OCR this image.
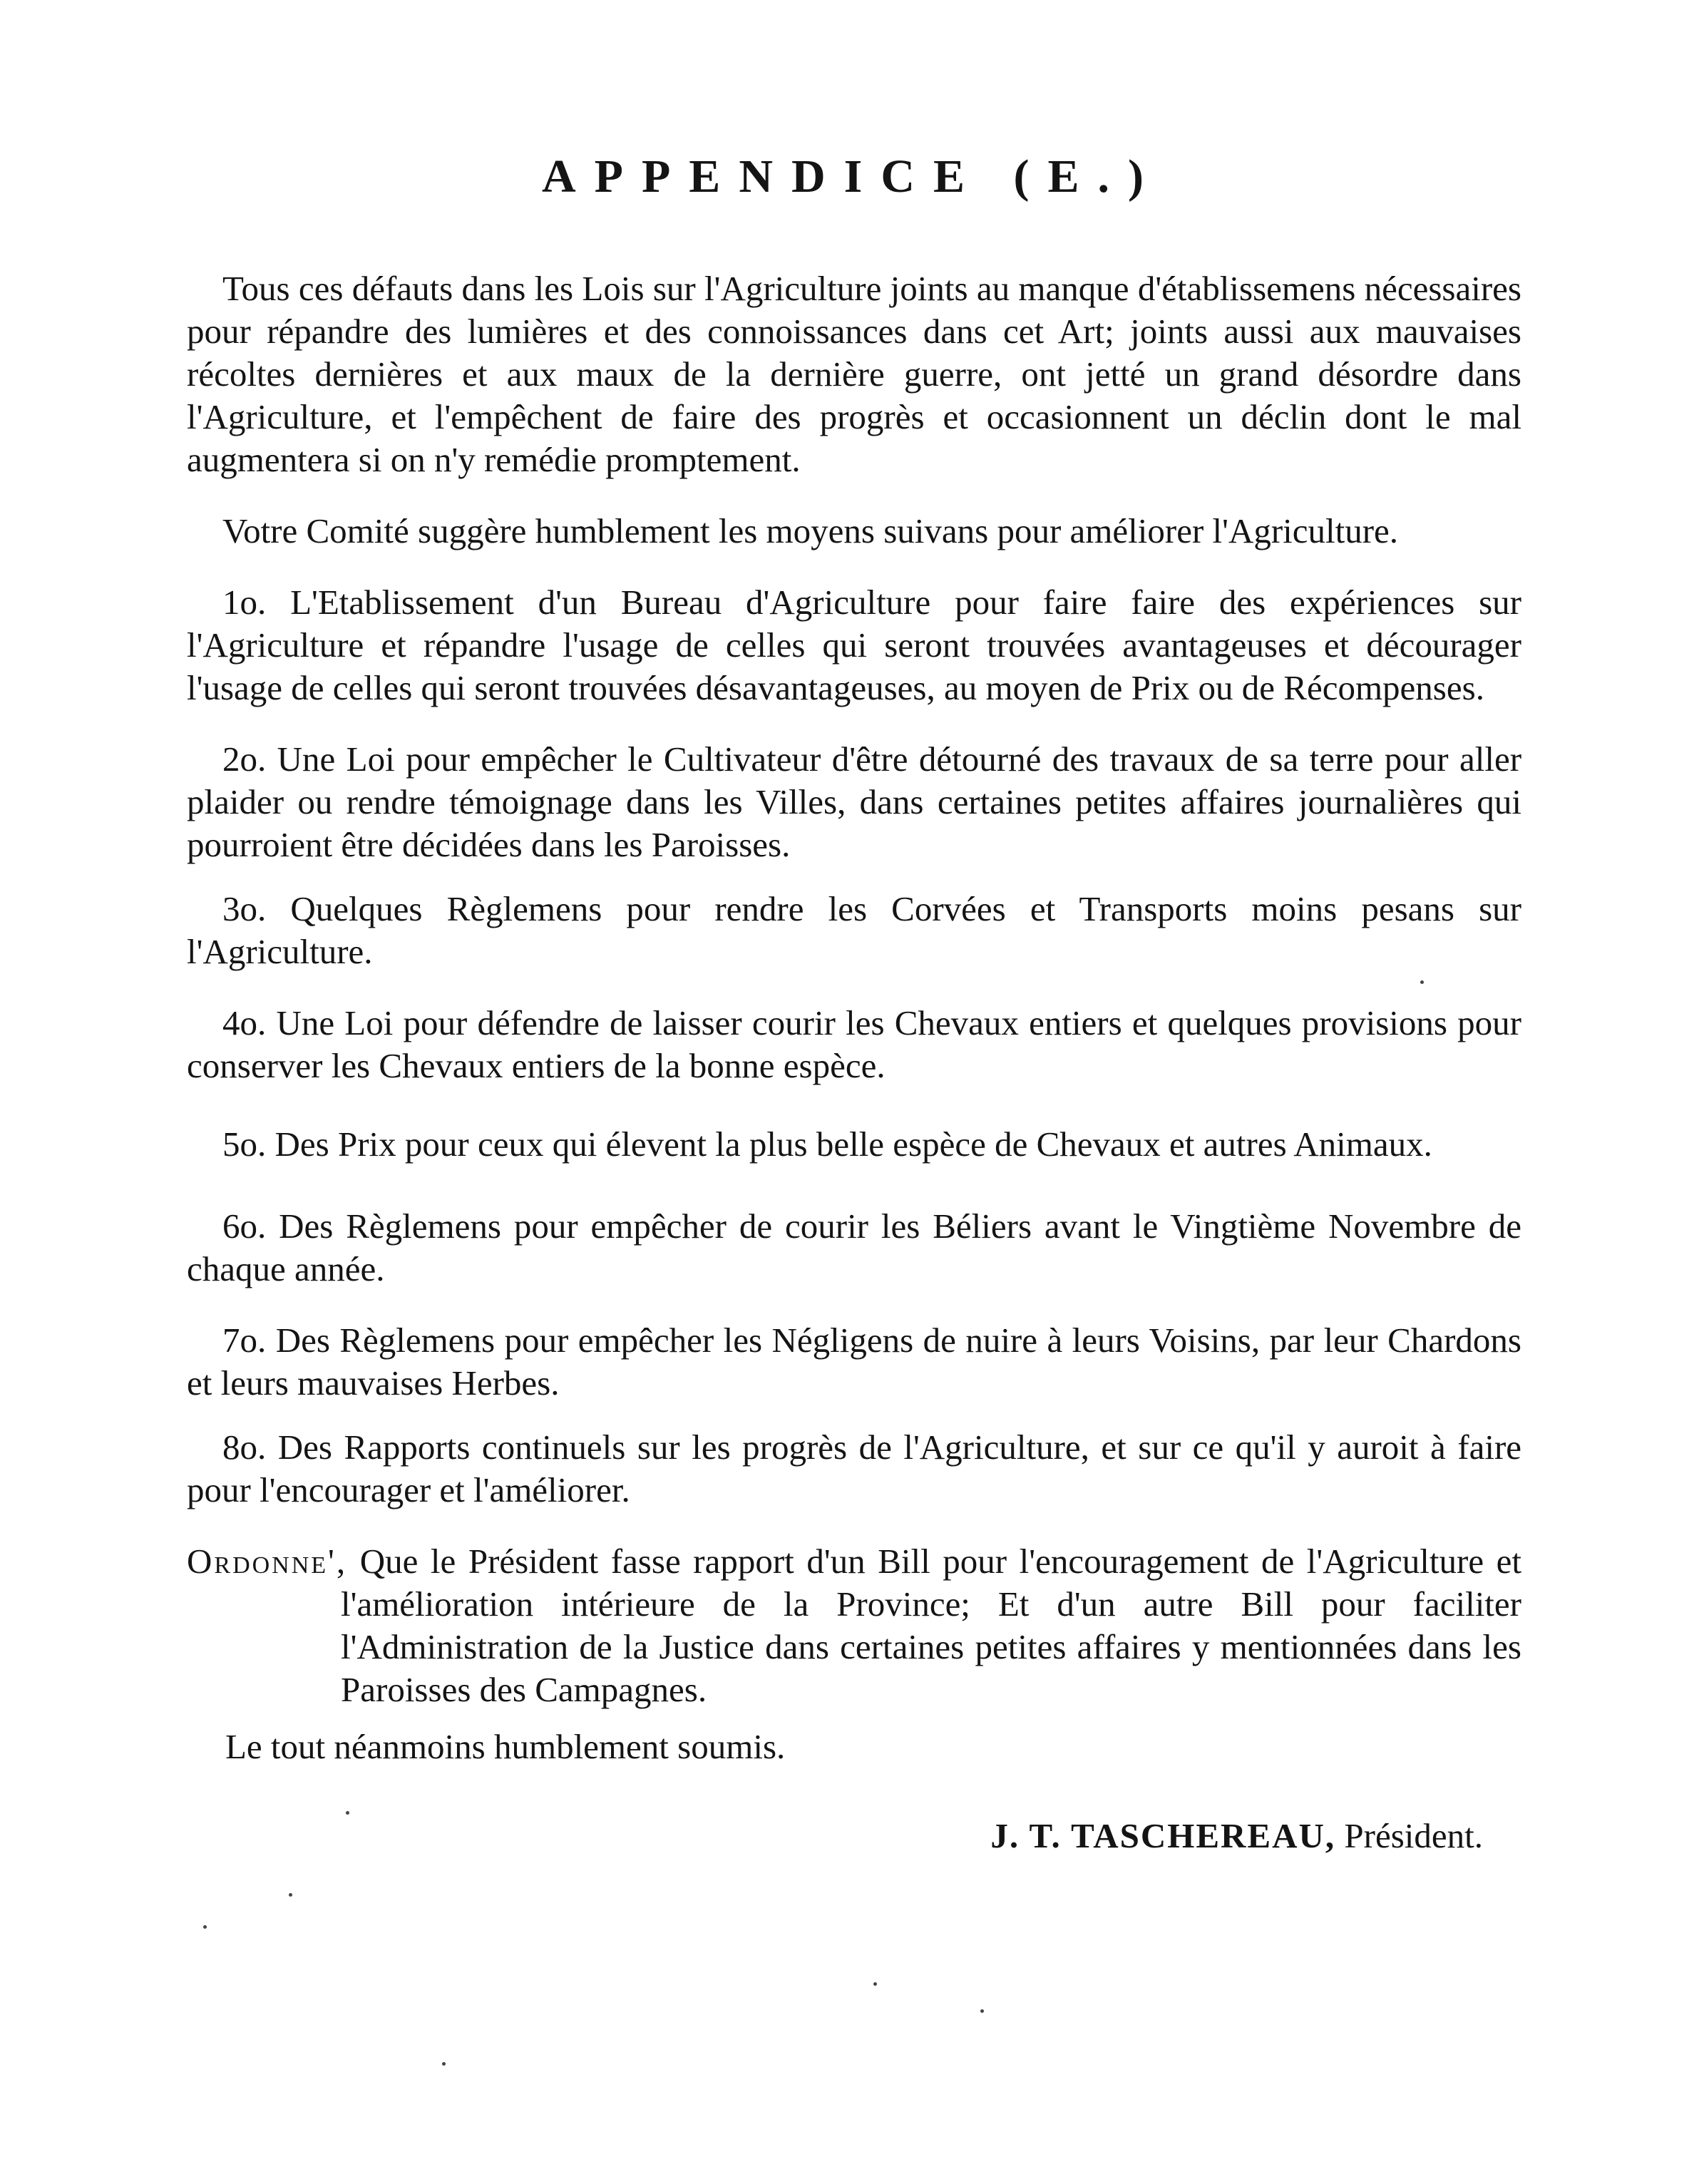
APPENDICE (E.)
Tous ces défauts dans les Lois sur l'Agriculture joints au manque d'établissemens nécessaires pour répandre des lumières et des connoissances dans cet Art; joints aussi aux mauvaises récoltes dernières et aux maux de la dernière guerre, ont jetté un grand désordre dans l'Agriculture, et l'empêchent de faire des progrès et occasionnent un déclin dont le mal augmentera si on n'y remédie promptement.
Votre Comité suggère humblement les moyens suivans pour améliorer l'Agriculture.
1o. L'Etablissement d'un Bureau d'Agriculture pour faire faire des expériences sur l'Agriculture et répandre l'usage de celles qui seront trouvées avantageuses et décourager l'usage de celles qui seront trouvées désavantageuses, au moyen de Prix ou de Récompenses.
2o. Une Loi pour empêcher le Cultivateur d'être détourné des travaux de sa terre pour aller plaider ou rendre témoignage dans les Villes, dans certaines petites affaires journalières qui pourroient être décidées dans les Paroisses.
3o. Quelques Règlemens pour rendre les Corvées et Transports moins pesans sur l'Agriculture.
4o. Une Loi pour défendre de laisser courir les Chevaux entiers et quelques provisions pour conserver les Chevaux entiers de la bonne espèce.
5o. Des Prix pour ceux qui élevent la plus belle espèce de Chevaux et autres Animaux.
6o. Des Règlemens pour empêcher de courir les Béliers avant le Vingtième Novembre de chaque année.
7o. Des Règlemens pour empêcher les Négligens de nuire à leurs Voisins, par leur Chardons et leurs mauvaises Herbes.
8o. Des Rapports continuels sur les progrès de l'Agriculture, et sur ce qu'il y auroit à faire pour l'encourager et l'améliorer.
Ordonne', Que le Président fasse rapport d'un Bill pour l'encouragement de l'Agriculture et l'amélioration intérieure de la Province; Et d'un autre Bill pour faciliter l'Administration de la Justice dans certaines petites affaires y mentionnées dans les Paroisses des Campagnes.
Le tout néanmoins humblement soumis.
J. T. TASCHEREAU, Président.
